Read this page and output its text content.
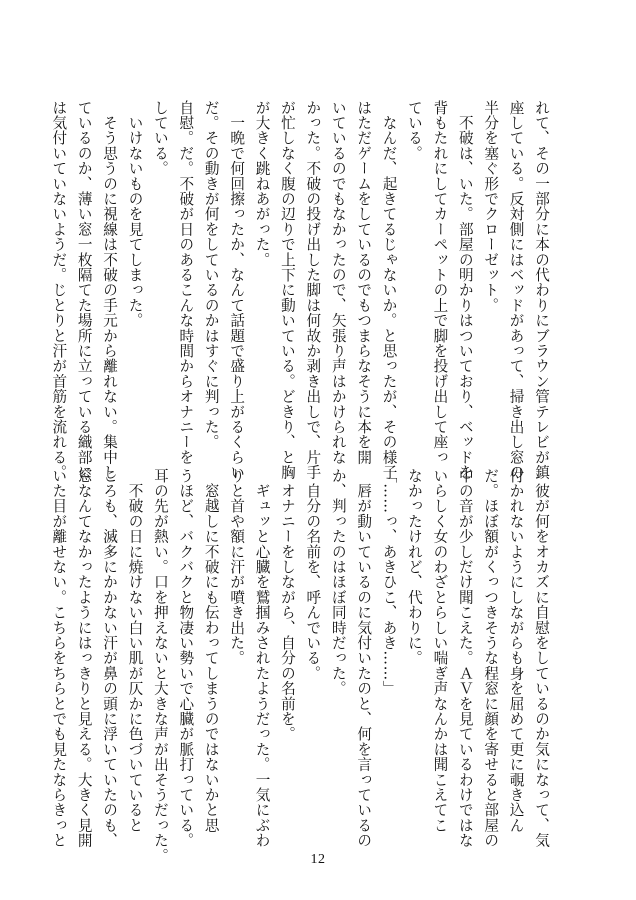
れて、その一部分に本の代わりにブラウン管テレビが鎮
座している。反対側にはベッドがあって、掃き出し窓の
半分を塞ぐ形でクローゼット。
　不破は、いた。部屋の明かりはついており、ベッドを
背もたれにしてカーペットの上で脚を投げ出して座っ
ている。
　なんだ、起きてるじゃないか。と思ったが、その様子
はただゲームをしているのでもつまらなそうに本を開
いているのでもなかったので、矢張り声はかけられな
かった。不破の投げ出した脚は何故か剥き出しで、片手
が忙しなく腹の辺りで上下に動いている。どきり、と胸
が大きく跳ねあがった。
　一晩で何回擦ったか、なんて話題で盛り上がるくらい
だ。その動きが何をしているのかはすぐに判った。
自慰。だ。不破が日のあるこんな時間からオナニーを
している。
　いけないものを見てしまった。
　そう思うのに視線は不破の手元から離れない。集中し
ているのか、薄い窓一枚隔てた場所に立っている織部に
は気付いていないようだ。じとりと汗が首筋を流れる。
　彼が何をオカズに自慰をしているのか気になって、気
付かれないようにしながらも身を屈めて更に覗き込ん
だ。ほぼ額がくっつきそうな程窓に顔を寄せると部屋の
中の音が少しだけ聞こえた。ＡＶを見ているわけではな
いらしく女のわざとらしい喘ぎ声なんかは聞こえてこ
なかったけれど、代わりに。
「……っ、あきひこ、あき……」
　唇が動いているのに気付いたのと、何を言っているの
か、判ったのはほぼ同時だった。
　自分の名前を、呼んでいる。
　オナニーをしながら、自分の名前を。
　ギュッと心臓を鷲掴みされたようだった。一気にぶわ
りと首や額に汗が噴き出た。
　窓越しに不破にも伝わってしまうのではないかと思
うほど、バクバクと物凄い勢いで心臓が脈打っている。
耳の先が熱い。口を押えないと大きな声が出そうだった。
　不破の日に焼けない白い肌が仄かに色づいていると
ころも、滅多にかかない汗が鼻の頭に浮いていたのも、
窓なんてなかったようにはっきりと見える。大きく見開
いた目が離せない。こちらをちらとでも見たならきっと
12
